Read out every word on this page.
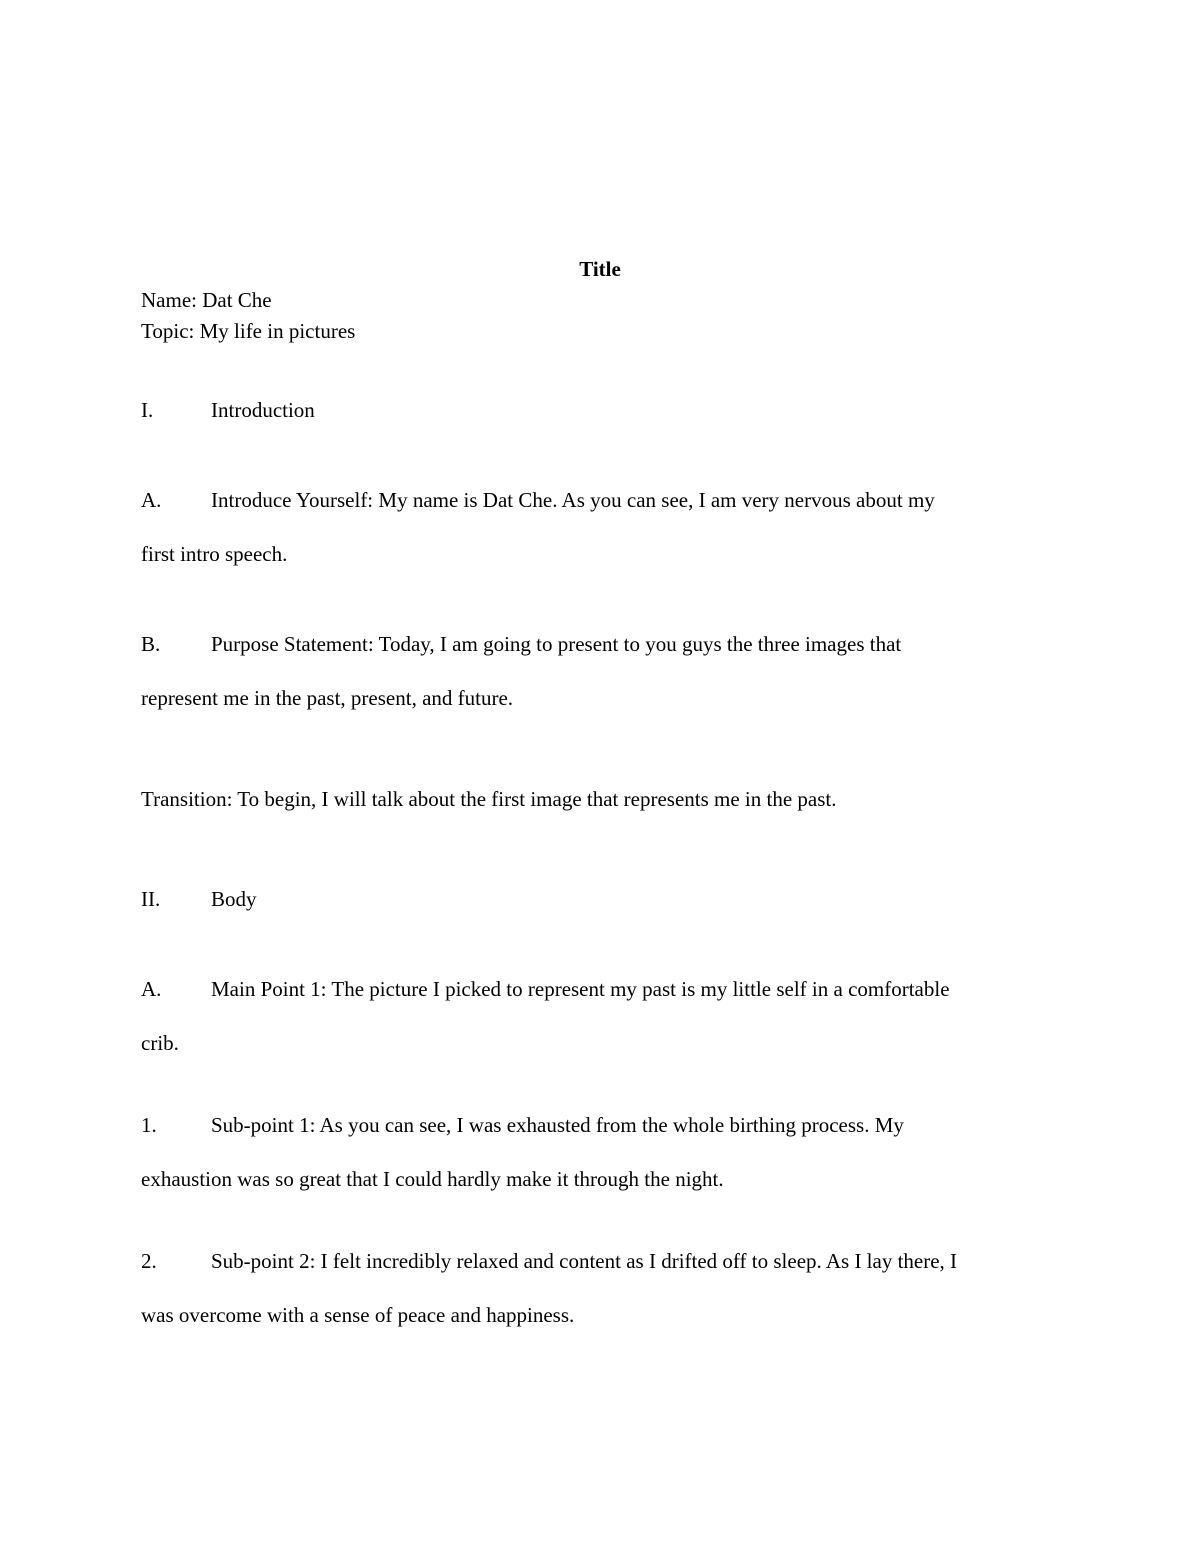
Title
Name: Dat Che
Topic: My life in pictures
I.	Introduction
A. Introduce Yourself: My name is Dat Che. As you can see, I am very nervous about my
first intro speech.
B. Purpose Statement: Today, I am going to present to you guys the three images that
represent me in the past, present, and future.
Transition: To begin, I will talk about the first image that represents me in the past.
II. Body
A. Main Point 1: The picture I picked to represent my past is my little self in a comfortable
crib.
1.	Sub-point 1: As you can see, I was exhausted from the whole birthing process. My
exhaustion was so great that I could hardly make it through the night.
2.	Sub-point 2: I felt incredibly relaxed and content as I drifted off to sleep. As I lay there, I
was overcome with a sense of peace and happiness.
